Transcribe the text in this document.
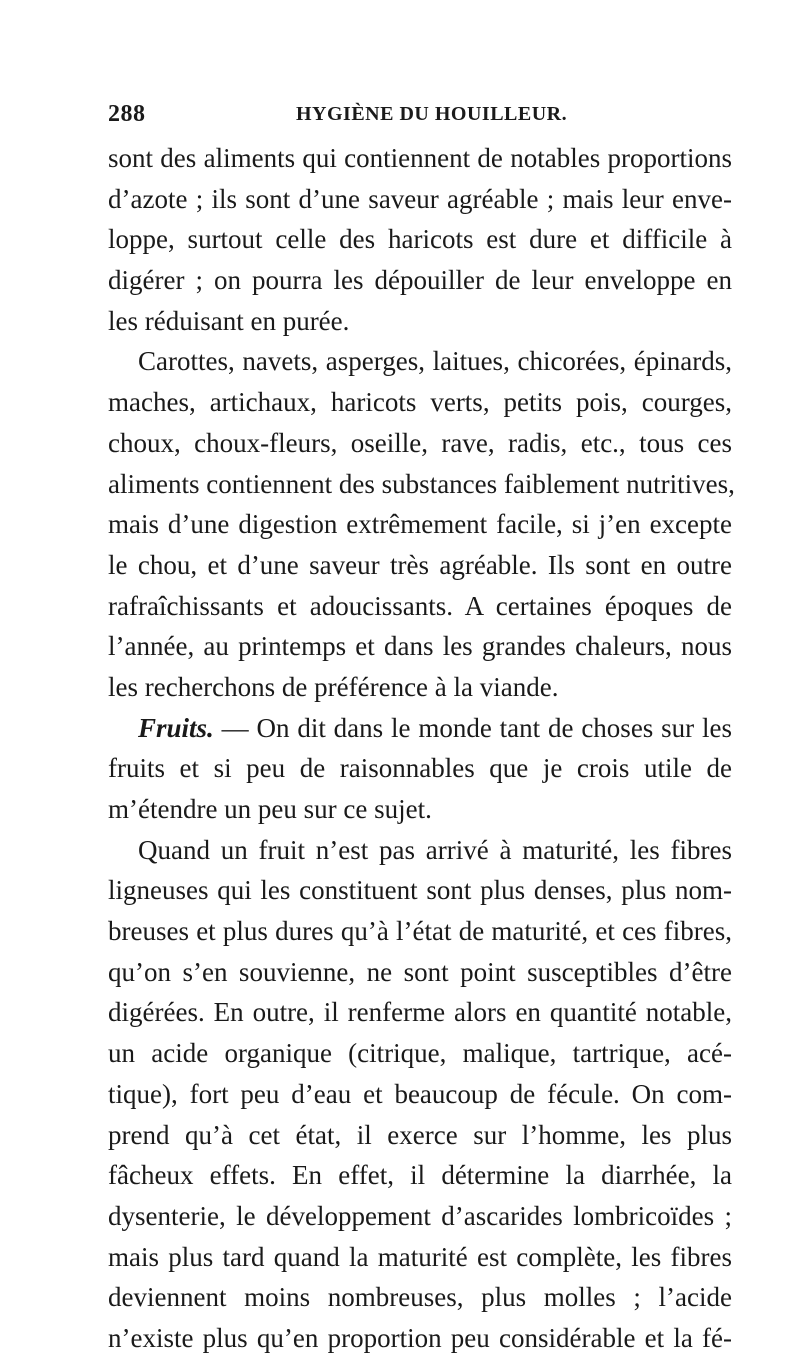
288	HYGIÈNE DU HOUILLEUR.
sont des aliments qui contiennent de notables proportions
d’azote ; ils sont d’une saveur agréable ; mais leur enve-
loppe, surtout celle des haricots est dure et difficile à
digérer ; on pourra les dépouiller de leur enveloppe en
les réduisant en purée.
Carottes, navets, asperges, laitues, chicorées, épinards,
maches, artichaux, haricots verts, petits pois, courges,
choux, choux-fleurs, oseille, rave, radis, etc., tous ces
aliments contiennent des substances faiblement nutritives,
mais d’une digestion extrêmement facile, si j’en excepte
le chou, et d’une saveur très agréable. Ils sont en outre
rafraîchissants et adoucissants. A certaines époques de
l’année, au printemps et dans les grandes chaleurs, nous
les recherchons de préférence à la viande.
Fruits. — On dit dans le monde tant de choses sur les
fruits et si peu de raisonnables que je crois utile de
m’étendre un peu sur ce sujet.
Quand un fruit n’est pas arrivé à maturité, les fibres
ligneuses qui les constituent sont plus denses, plus nom-
breuses et plus dures qu’à l’état de maturité, et ces fibres,
qu’on s’en souvienne, ne sont point susceptibles d’être
digérées. En outre, il renferme alors en quantité notable,
un acide organique (citrique, malique, tartrique, acé-
tique), fort peu d’eau et beaucoup de fécule. On com-
prend qu’à cet état, il exerce sur l’homme, les plus
fâcheux effets. En effet, il détermine la diarrhée, la
dysenterie, le développement d’ascarides lombricoïdes ;
mais plus tard quand la maturité est complète, les fibres
deviennent moins nombreuses, plus molles ; l’acide
n’existe plus qu’en proportion peu considérable et la fé-
